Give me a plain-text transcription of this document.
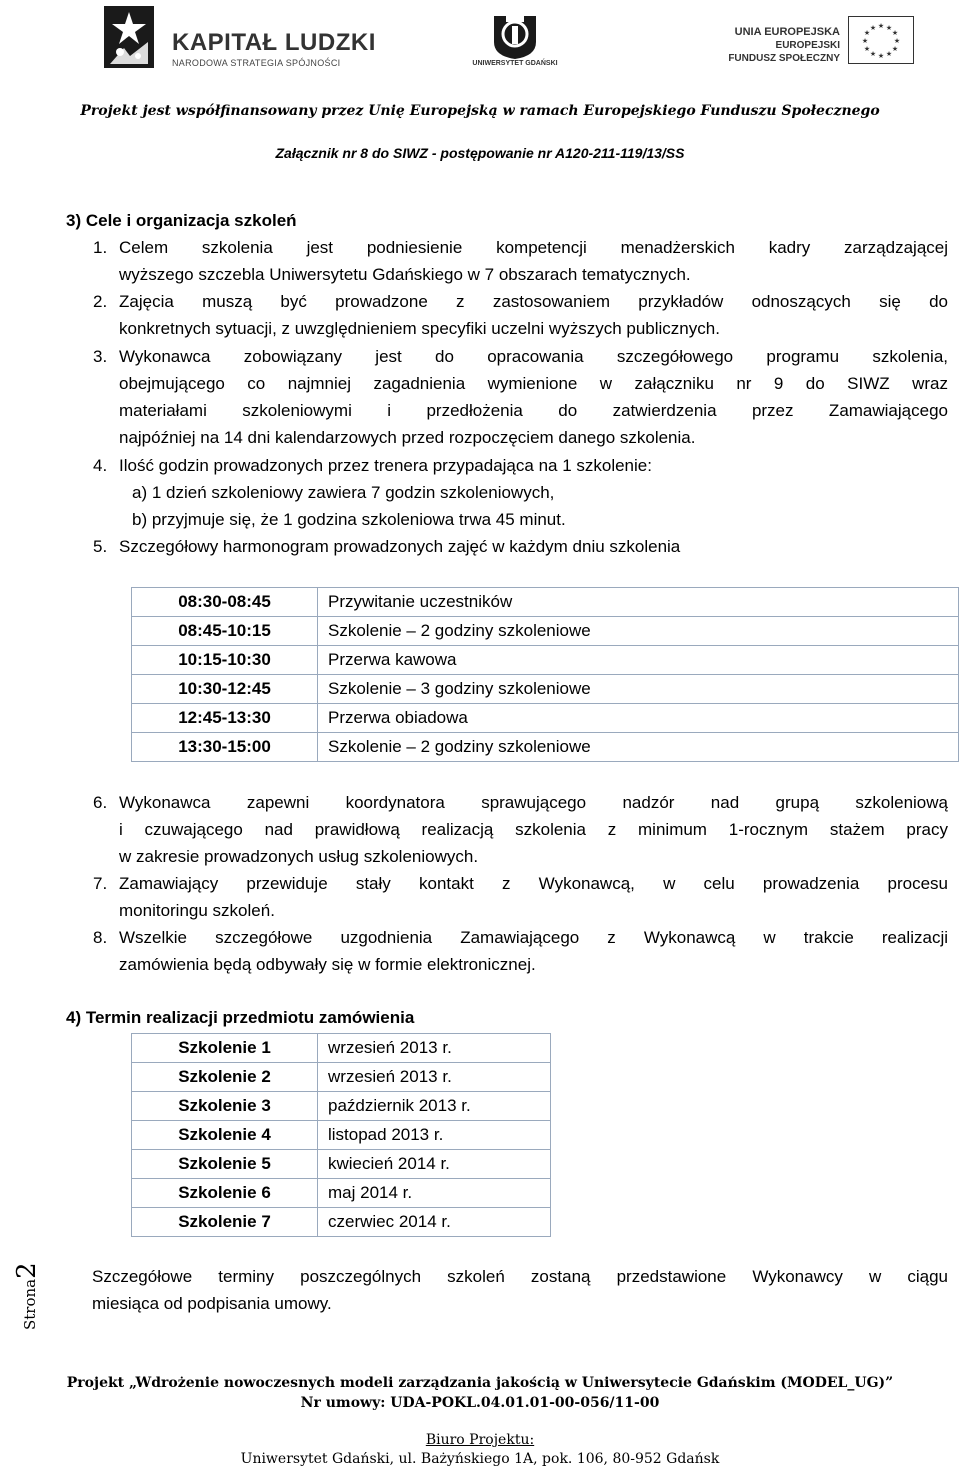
KAPITAŁ LUDZKI
NARODOWA STRATEGIA SPÓJNOŚCI	UNIWERSYTET GDAŃSKI
UNIA EUROPEJSKA
EUROPEJSKI
FUNDUSZ SPOŁECZNY
★ ★
★
★
★
★
★
★
★
★
★
★
Projekt jest współfinansowany przez Unię Europejską w ramach Europejskiego Funduszu Społecznego
Załącznik nr 8 do SIWZ - postępowanie nr A120-211-119/13/SS
3) Cele i organizacja szkoleń
1. Celem szkolenia jest podniesienie kompetencji menadżerskich kadry zarządzającej
wyższego szczebla Uniwersytetu Gdańskiego w 7 obszarach tematycznych.
2. Zajęcia muszą być prowadzone z zastosowaniem przykładów odnoszących się do
konkretnych sytuacji, z uwzględnieniem specyfiki uczelni wyższych publicznych.
3. Wykonawca zobowiązany jest do opracowania szczegółowego programu szkolenia,
obejmującego co najmniej zagadnienia wymienione w załączniku nr 9 do SIWZ wraz
materiałami szkoleniowymi i przedłożenia do zatwierdzenia przez Zamawiającego
najpóźniej na 14 dni kalendarzowych przed rozpoczęciem danego szkolenia.
4. Ilość godzin prowadzonych przez trenera przypadająca na 1 szkolenie:
a) 1 dzień szkoleniowy zawiera 7 godzin szkoleniowych,
b) przyjmuje się, że 1 godzina szkoleniowa trwa 45 minut.
5. Szczegółowy harmonogram prowadzonych zajęć w każdym dniu szkolenia
08:30-08:45	Przywitanie uczestników
08:45-10:15	Szkolenie – 2 godziny szkoleniowe
10:15-10:30	Przerwa kawowa
10:30-12:45	Szkolenie – 3 godziny szkoleniowe
12:45-13:30	Przerwa obiadowa
13:30-15:00	Szkolenie – 2 godziny szkoleniowe
6. Wykonawca zapewni koordynatora sprawującego nadzór nad grupą szkoleniową
i czuwającego nad prawidłową realizacją szkolenia z minimum 1-rocznym stażem pracy
w zakresie prowadzonych usług szkoleniowych.
7. Zamawiający przewiduje stały kontakt z Wykonawcą, w celu prowadzenia procesu
monitoringu szkoleń.
8. Wszelkie szczegółowe uzgodnienia Zamawiającego z Wykonawcą w trakcie realizacji
zamówienia będą odbywały się w formie elektronicznej.
4) Termin realizacji przedmiotu zamówienia
Szkolenie 1	wrzesień 2013 r.
Szkolenie 2	wrzesień 2013 r.
Szkolenie 3	październik 2013 r.
Szkolenie 4	listopad 2013 r.
Szkolenie 5	kwiecień 2014 r.
Szkolenie 6	maj 2014 r.
Szkolenie 7	czerwiec 2014 r.
Szczegółowe terminy poszczególnych szkoleń zostaną przedstawione Wykonawcy w ciągu
miesiąca od podpisania umowy.
Strona2
Projekt „Wdrożenie nowoczesnych modeli zarządzania jakością w Uniwersytecie Gdańskim (MODEL_UG)”
Nr umowy: UDA-POKL.04.01.01-00-056/11-00
Biuro Projektu:
Uniwersytet Gdański, ul. Bażyńskiego 1A, pok. 106, 80-952 Gdańsk
